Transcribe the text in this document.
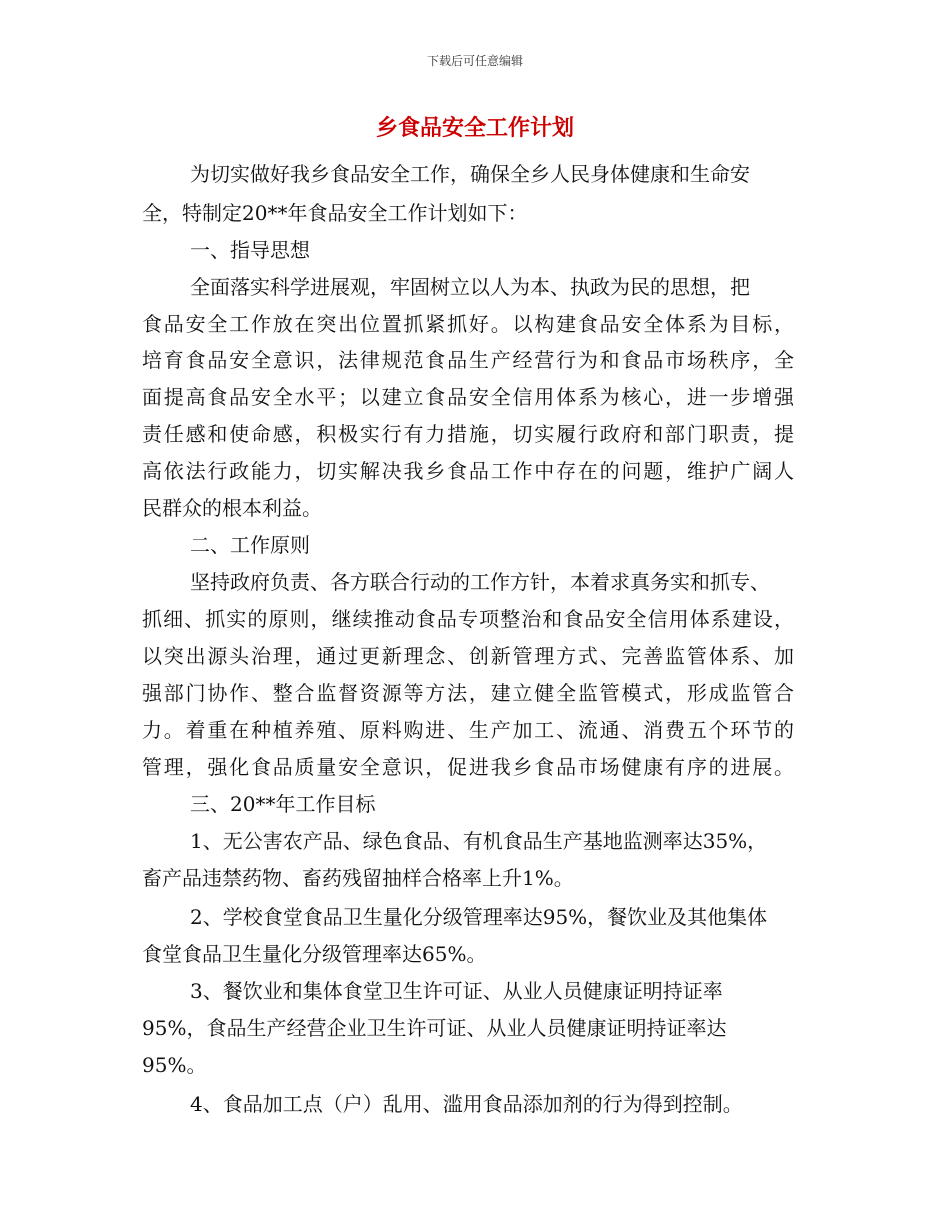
下载后可任意编辑
乡食品安全工作计划
为切实做好我乡食品安全工作，确保全乡人民身体健康和生命安
全，特制定20**年食品安全工作计划如下：
一、指导思想
全面落实科学进展观，牢固树立以人为本、执政为民的思想，把
食品安全工作放在突出位置抓紧抓好。以构建食品安全体系为目标，
培育食品安全意识，法律规范食品生产经营行为和食品市场秩序，全
面提高食品安全水平；以建立食品安全信用体系为核心，进一步增强
责任感和使命感，积极实行有力措施，切实履行政府和部门职责，提
高依法行政能力，切实解决我乡食品工作中存在的问题，维护广阔人
民群众的根本利益。
二、工作原则
坚持政府负责、各方联合行动的工作方针，本着求真务实和抓专、
抓细、抓实的原则，继续推动食品专项整治和食品安全信用体系建设，
以突出源头治理，通过更新理念、创新管理方式、完善监管体系、加
强部门协作、整合监督资源等方法，建立健全监管模式，形成监管合
力。着重在种植养殖、原料购进、生产加工、流通、消费五个环节的
管理，强化食品质量安全意识，促进我乡食品市场健康有序的进展。
三、20**年工作目标
1、无公害农产品、绿色食品、有机食品生产基地监测率达35%，
畜产品违禁药物、畜药残留抽样合格率上升1%。
2、学校食堂食品卫生量化分级管理率达95%，餐饮业及其他集体
食堂食品卫生量化分级管理率达65%。
3、餐饮业和集体食堂卫生许可证、从业人员健康证明持证率
95%，食品生产经营企业卫生许可证、从业人员健康证明持证率达
95%。
4、食品加工点（户）乱用、滥用食品添加剂的行为得到控制。
